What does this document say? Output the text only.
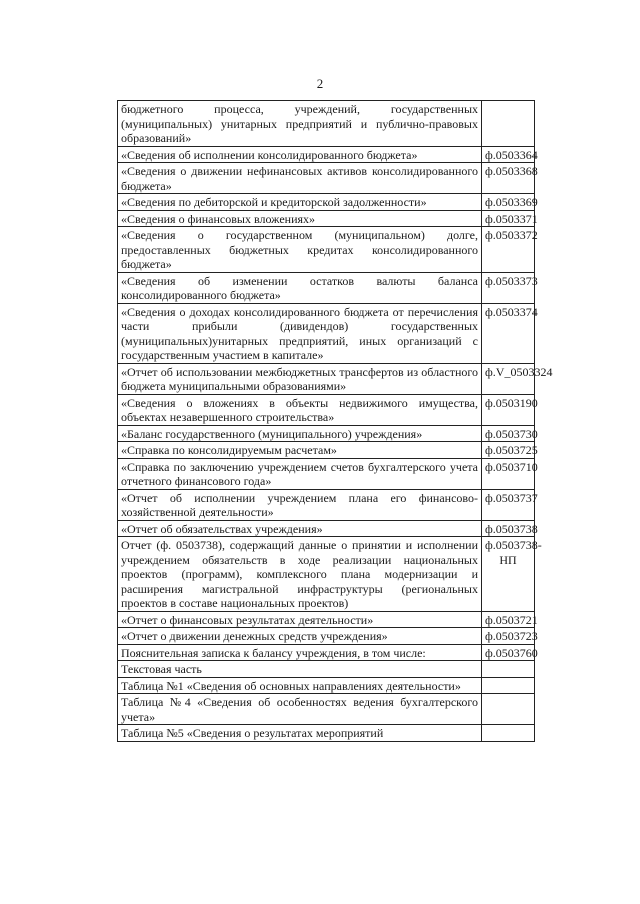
2
бюджетного процесса, учреждений, государственных (муниципальных) унитарных предприятий и публично-правовых образований»	
«Сведения об исполнении консолидированного бюджета»	ф.0503364
«Сведения о движении нефинансовых активов консолидированного бюджета»	ф.0503368
«Сведения по дебиторской и кредиторской задолженности»	ф.0503369
«Сведения о финансовых вложениях»	ф.0503371
«Сведения о государственном (муниципальном) долге, предоставленных бюджетных кредитах консолидированного бюджета»	ф.0503372
«Сведения об изменении остатков валюты баланса консолидированного бюджета»	ф.0503373
«Сведения о доходах консолидированного бюджета от перечисления части прибыли (дивидендов) государственных (муниципальных)унитарных предприятий, иных организаций с государственным участием в капитале»	ф.0503374
«Отчет об использовании межбюджетных трансфертов из областного бюджета муниципальными образованиями»	ф.V_0503324
«Сведения о вложениях в объекты недвижимого имущества, объектах незавершенного строительства»	ф.0503190
«Баланс государственного (муниципального) учреждения»	ф.0503730
«Справка по консолидируемым расчетам»	ф.0503725
«Справка по заключению учреждением счетов бухгалтерского учета отчетного финансового года»	ф.0503710
«Отчет об исполнении учреждением плана его финансово-хозяйственной деятельности»	ф.0503737
«Отчет об обязательствах учреждения»	ф.0503738
Отчет (ф. 0503738), содержащий данные о принятии и исполнении учреждением обязательств в ходе реализации национальных проектов (программ), комплексного плана модернизации и расширения магистральной инфраструктуры (региональных проектов в составе национальных проектов)	ф.0503738-НП
«Отчет о финансовых результатах деятельности»	ф.0503721
«Отчет о движении денежных средств учреждения»	ф.0503723
Пояснительная записка к балансу учреждения, в том числе:	ф.0503760
Текстовая часть	
Таблица №1 «Сведения об основных направлениях деятельности»	
Таблица №4 «Сведения об особенностях ведения бухгалтерского учета»	
Таблица №5 «Сведения о результатах мероприятий	
